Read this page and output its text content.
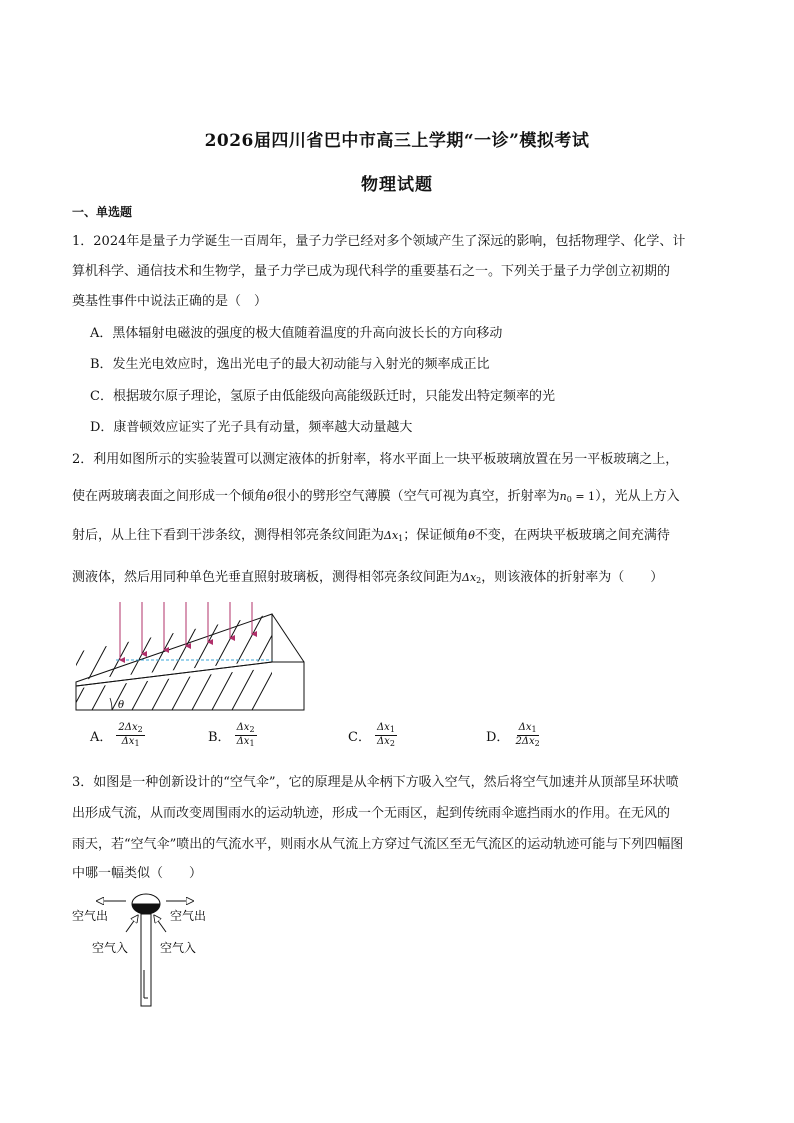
2026届四川省巴中市高三上学期“一诊”模拟考试
物理试题
一、单选题
1．2024年是量子力学诞生一百周年，量子力学已经对多个领域产生了深远的影响，包括物理学、化学、计
算机科学、通信技术和生物学，量子力学已成为现代科学的重要基石之一。下列关于量子力学创立初期的
奠基性事件中说法正确的是（　）
A．黑体辐射电磁波的强度的极大值随着温度的升高向波长长的方向移动
B．发生光电效应时，逸出光电子的最大初动能与入射光的频率成正比
C．根据玻尔原子理论，氢原子由低能级向高能级跃迁时，只能发出特定频率的光
D．康普顿效应证实了光子具有动量，频率越大动量越大
2．利用如图所示的实验装置可以测定液体的折射率，将水平面上一块平板玻璃放置在另一平板玻璃之上，
使在两玻璃表面之间形成一个倾角θ很小的劈形空气薄膜（空气可视为真空，折射率为$n_0 = 1$），光从上方入
射后，从上往下看到干涉条纹，测得相邻亮条纹间距为$\Delta x_1$；保证倾角θ不变，在两块平板玻璃之间充满待
测液体，然后用同种单色光垂直照射玻璃板，测得相邻亮条纹间距为$\Delta x_2$，则该液体的折射率为（　　）
θ
A． $\frac{2\Delta x_2}{\Delta x_1}$	B． $\frac{\Delta x_2}{\Delta x_1}$	C． $\frac{\Delta x_1}{\Delta x_2}$	D． $\frac{\Delta x_1}{2\Delta x_2}$
3．如图是一种创新设计的“空气伞”，它的原理是从伞柄下方吸入空气，然后将空气加速并从顶部呈环状喷
出形成气流，从而改变周围雨水的运动轨迹，形成一个无雨区，起到传统雨伞遮挡雨水的作用。在无风的
雨天，若“空气伞”喷出的气流水平，则雨水从气流上方穿过气流区至无气流区的运动轨迹可能与下列四幅图
中哪一幅类似（　　）
空气出	空气出
空气入	空气入
